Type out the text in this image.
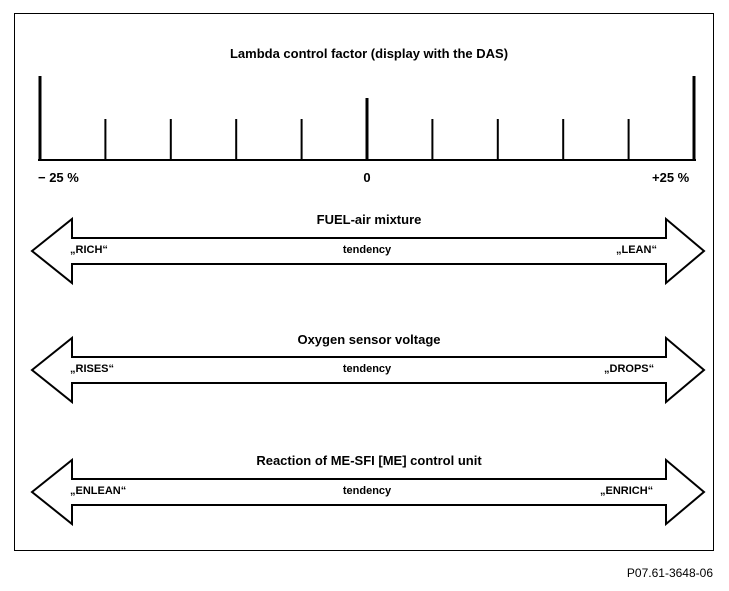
Lambda control factor (display with the DAS)
− 25 %	0	+25 %
FUEL-air mixture
„RICH“	tendency	„LEAN“
Oxygen sensor voltage
„RISES“	tendency	„DROPS“
Reaction of ME-SFI [ME] control unit
„ENLEAN“	tendency	„ENRICH“
P07.61-3648-06
